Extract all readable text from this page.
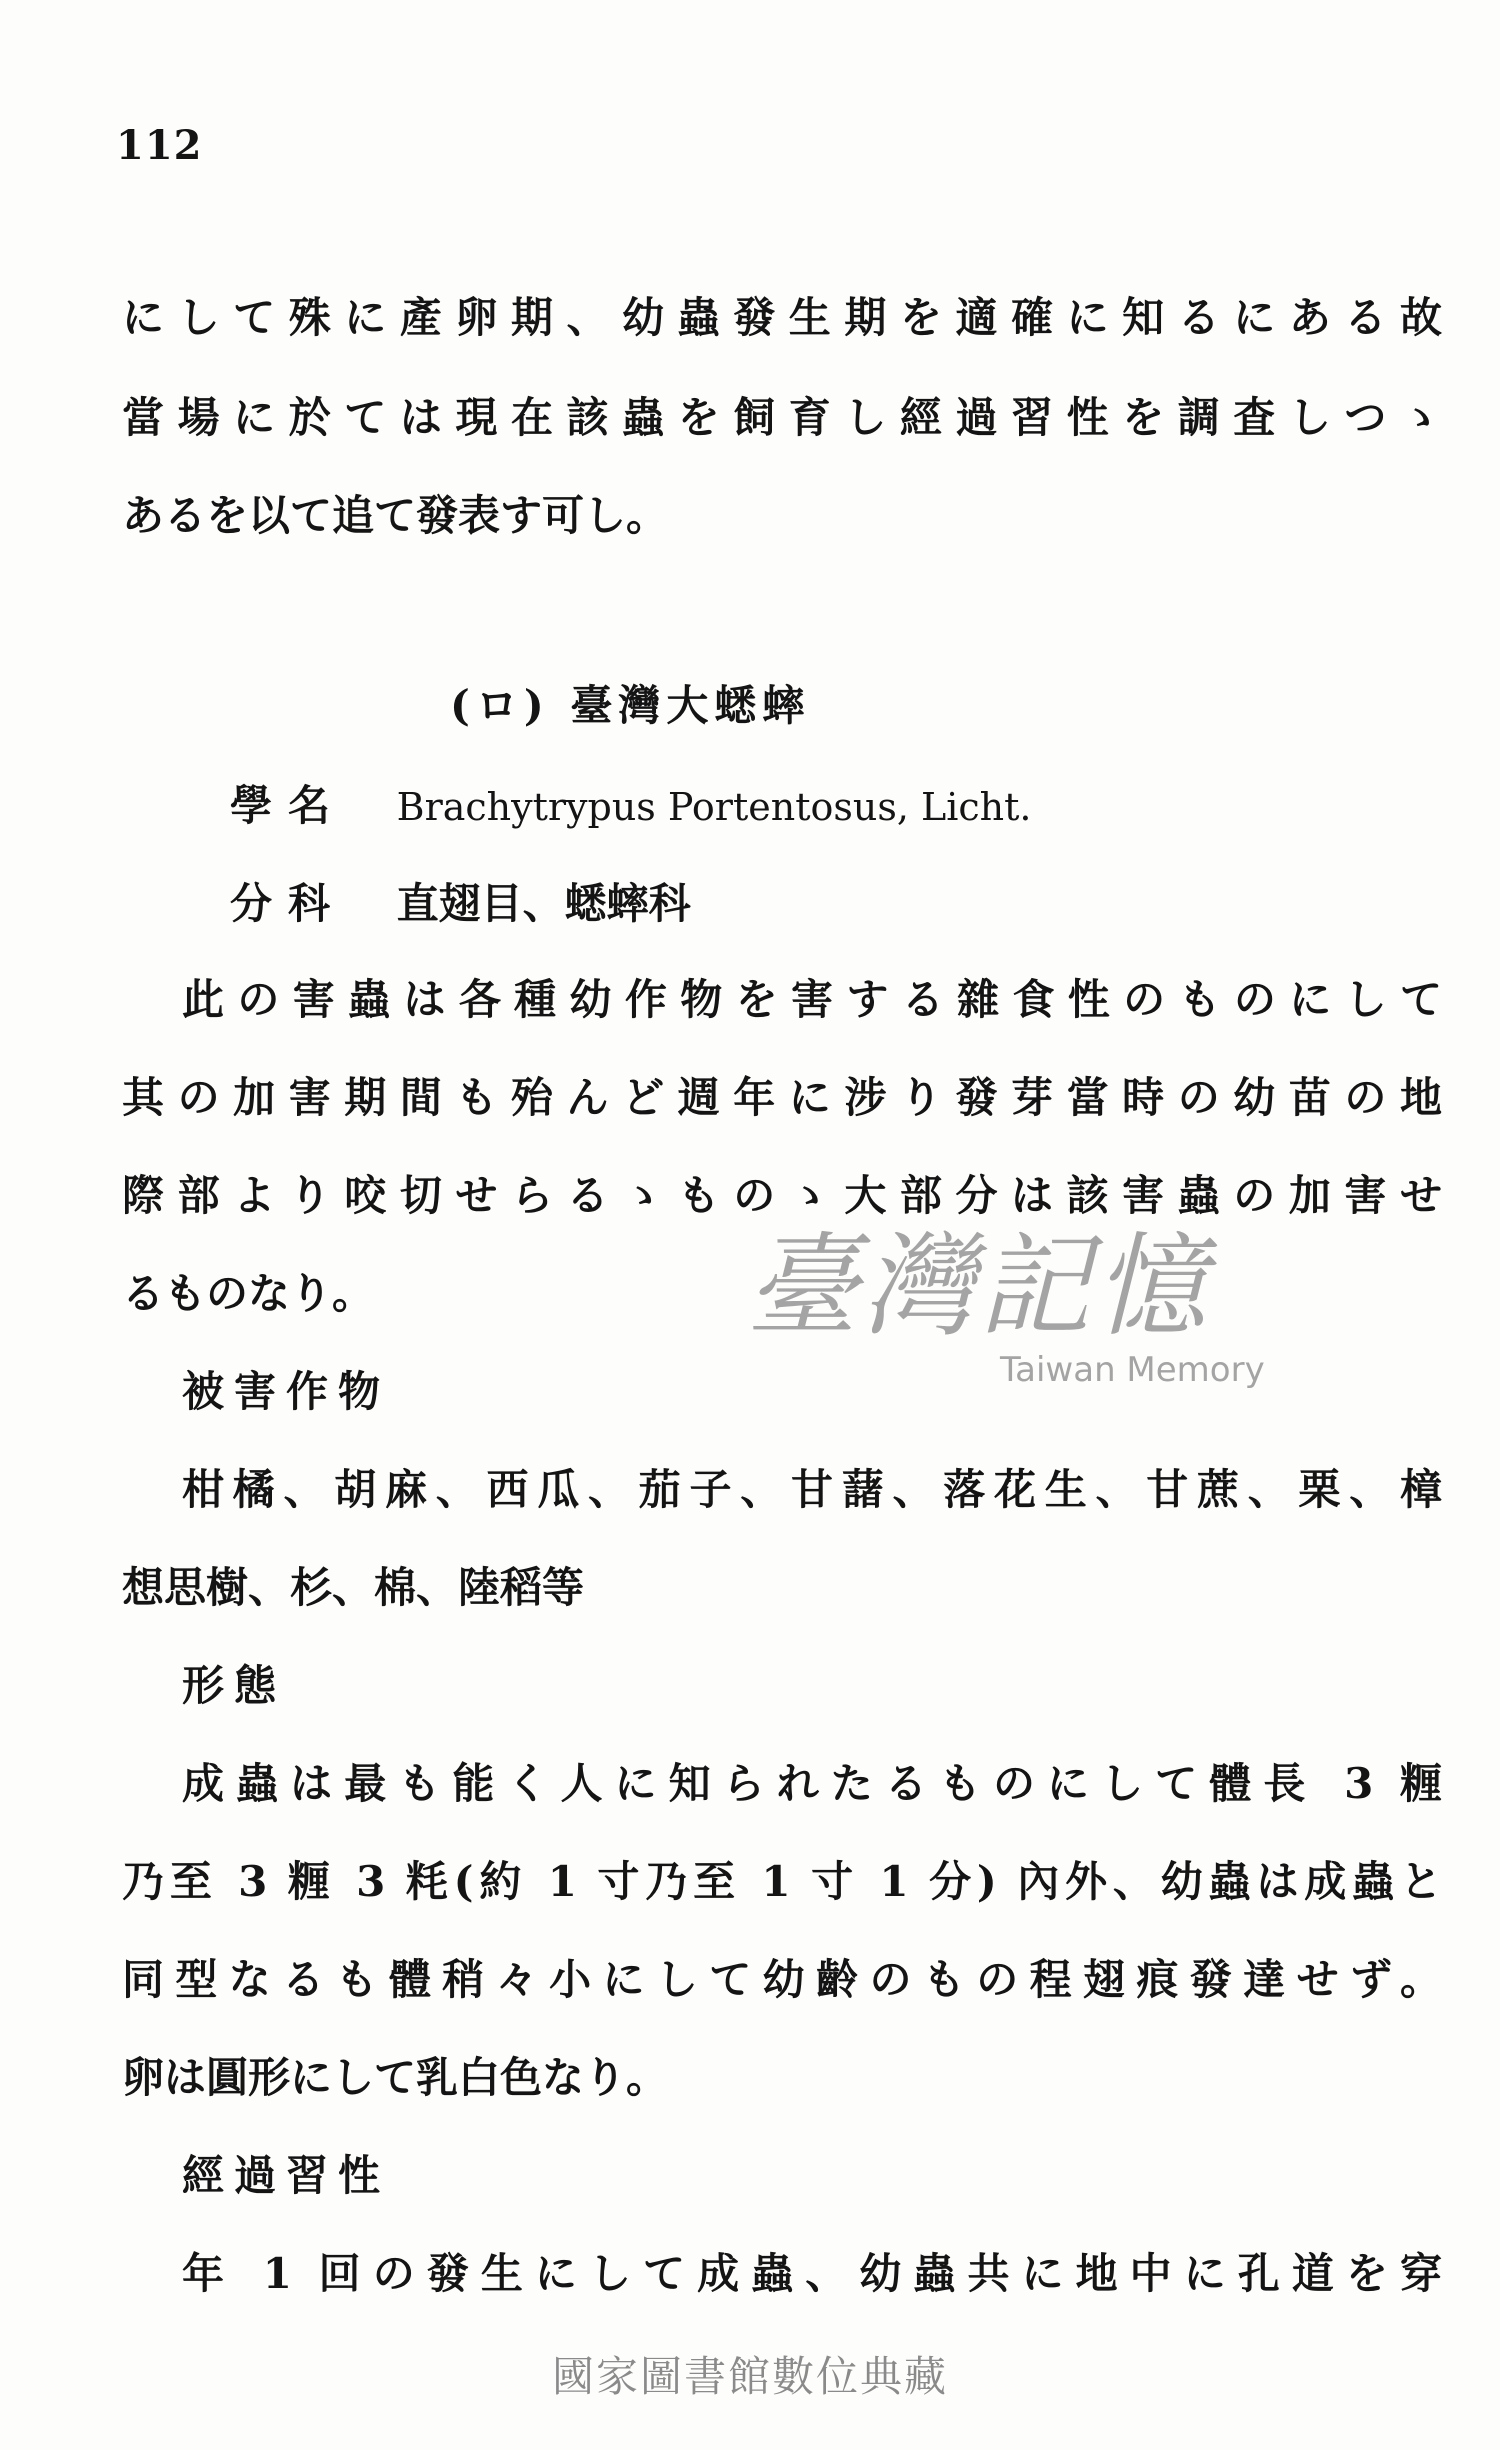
112
にして殊に產卵期、幼蟲發生期を適確に知るにある故
當場に於ては現在該蟲を飼育し經過習性を調査しつゝ
あるを以て追て發表す可し。
(ロ) 臺灣大蟋蟀
學名 Brachytrypus Portentosus, Licht.
分科 直翅目、蟋蟀科
此の害蟲は各種幼作物を害する雜食性のものにして
其の加害期間も殆んど週年に涉り發芽當時の幼苗の地
際部より咬切せらるゝものゝ大部分は該害蟲の加害せ
るものなり。	臺灣記憶
Taiwan Memory
被害作物
柑橘、胡麻、西瓜、茄子、甘藷、落花生、甘蔗、栗、樟
想思樹、杉、棉、陸稻等
形態
成蟲は最も能く人に知られたるものにして體長 3 糎
乃至 3 糎 3 粍(約 1 寸乃至 1 寸 1 分) 內外、幼蟲は成蟲と
同型なるも體稍々小にして幼齡のもの程翅痕發達せず。
卵は圓形にして乳白色なり。
經過習性
年 1 回の發生にして成蟲、幼蟲共に地中に孔道を穿
國家圖書館數位典藏
